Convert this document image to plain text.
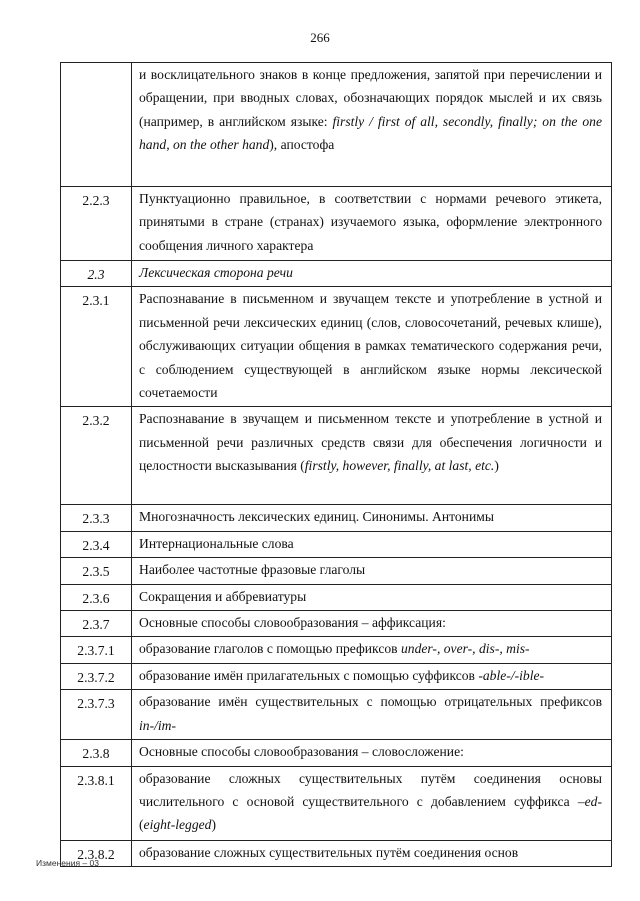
266
	и восклицательного знаков в конце предложения, запятой при перечислении и обращении, при вводных словах, обозначающих порядок мыслей и их связь (например, в английском языке: firstly / first of all, secondly, finally; on the one hand, on the other hand), апостофа
2.2.3	Пунктуационно правильное, в соответствии с нормами речевого этикета, принятыми в стране (странах) изучаемого языка, оформление электронного сообщения личного характера
2.3	Лексическая сторона речи
2.3.1	Распознавание в письменном и звучащем тексте и употребление в устной и письменной речи лексических единиц (слов, словосочетаний, речевых клише), обслуживающих ситуации общения в рамках тематического содержания речи, с соблюдением существующей в английском языке нормы лексической сочетаемости
2.3.2	Распознавание в звучащем и письменном тексте и употребление в устной и письменной речи различных средств связи для обеспечения логичности и целостности высказывания (firstly, however, finally, at last, etc.)
2.3.3	Многозначность лексических единиц. Синонимы. Антонимы
2.3.4	Интернациональные слова
2.3.5	Наиболее частотные фразовые глаголы
2.3.6	Сокращения и аббревиатуры
2.3.7	Основные способы словообразования – аффиксация:
2.3.7.1	образование глаголов с помощью префиксов under-, over-, dis-, mis-
2.3.7.2	образование имён прилагательных с помощью суффиксов -able-/-ible-
2.3.7.3	образование имён существительных с помощью отрицательных префиксов in-/im-
2.3.8	Основные способы словообразования – словосложение:
2.3.8.1	образование сложных существительных путём соединения основы числительного с основой существительного с добавлением суффикса –ed- (eight-legged)
2.3.8.2	образование сложных существительных путём соединения основ
Изменения – 03
